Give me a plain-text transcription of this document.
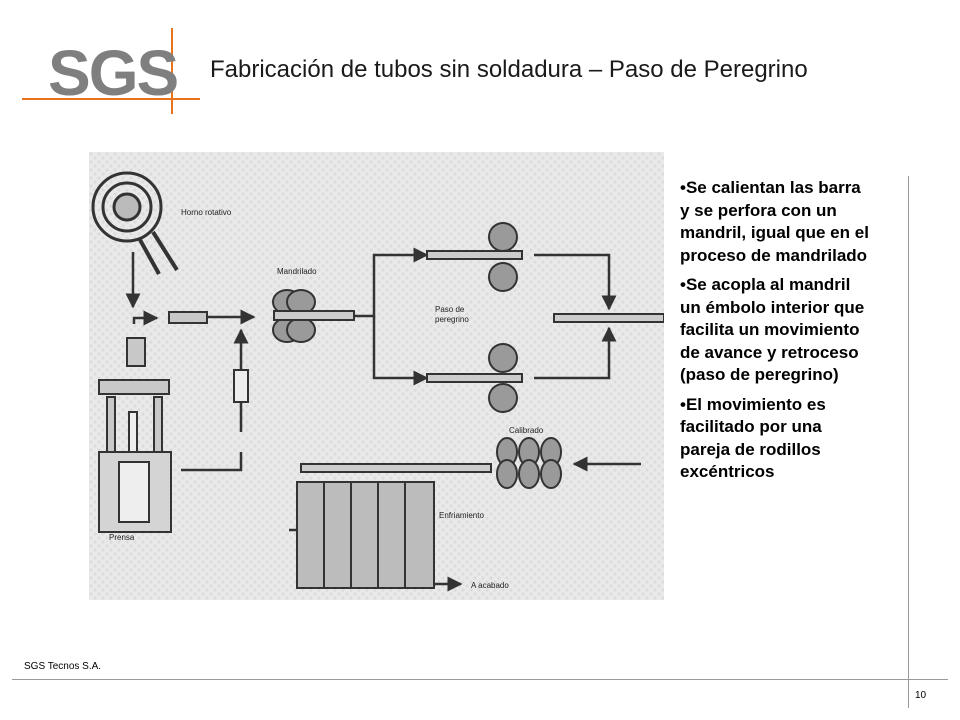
SGS Fabricación de tubos sin soldadura – Paso de Peregrino
Horno rotativo
Prensa
Mandrilado
Paso de
peregrino
Calibrado
Enfriamiento
A acabado
•Se calientan las barra
y se perfora con un
mandril, igual que en el
proceso de mandrilado
•Se acopla al mandril
un émbolo interior que
facilita un movimiento
de avance y retroceso
(paso de peregrino)
•El movimiento es
facilitado por una
pareja de rodillos
excéntricos
SGS Tecnos S.A.
10
